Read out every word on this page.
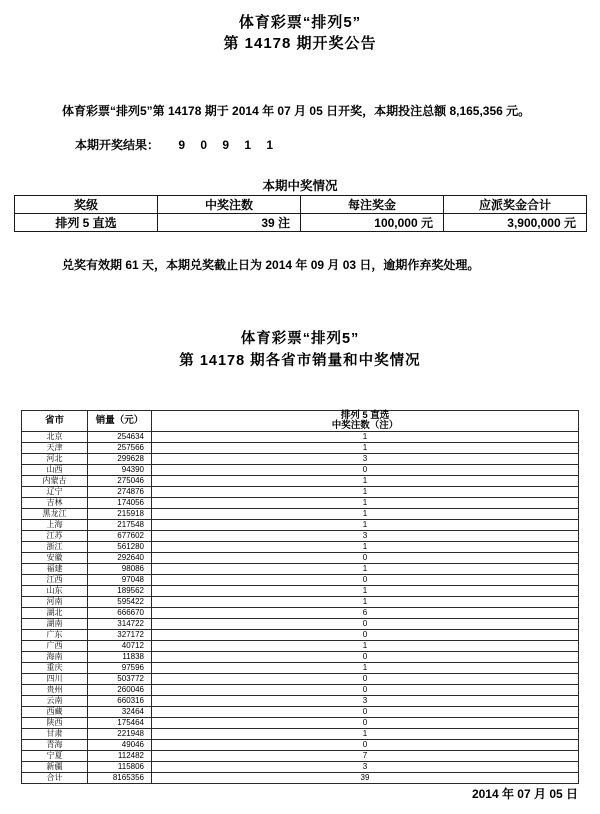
体育彩票“排列5”
第 14178 期开奖公告

体育彩票“排列5”第 14178 期于 2014 年 07 月 05 日开奖，本期投注总额 8,165,356 元。

本期开奖结果： 9 0 9 1 1

本期中奖情况
奖级	中奖注数	每注奖金	应派奖金合计
排列 5 直选	39 注	100,000 元	3,900,000 元

兑奖有效期 61 天，本期兑奖截止日为 2014 年 09 月 03 日，逾期作弃奖处理。

体育彩票“排列5”
第 14178 期各省市销量和中奖情况
省市	销量（元）	排列 5 直选
中奖注数（注）

北京	254634	1
天津	257566	1
河北	299628	3
山西	94390	0
内蒙古	275046	1
辽宁	274876	1
吉林	174056	1
黑龙江	215918	1
上海	217548	1
江苏	677602	3
浙江	561280	1
安徽	292640	0
福建	98086	1
江西	97048	0
山东	189562	1
河南	595422	1
湖北	666670	6
湖南	314722	0
广东	327172	0
广西	40712	1
海南	11838	0
重庆	97596	1
四川	503772	0
贵州	260046	0
云南	660316	3
西藏	32464	0
陕西	175464	0
甘肃	221948	1
青海	49046	0
宁夏	112482	7
新疆	115806	3
合计	8165356	39
2014 年 07 月 05 日
